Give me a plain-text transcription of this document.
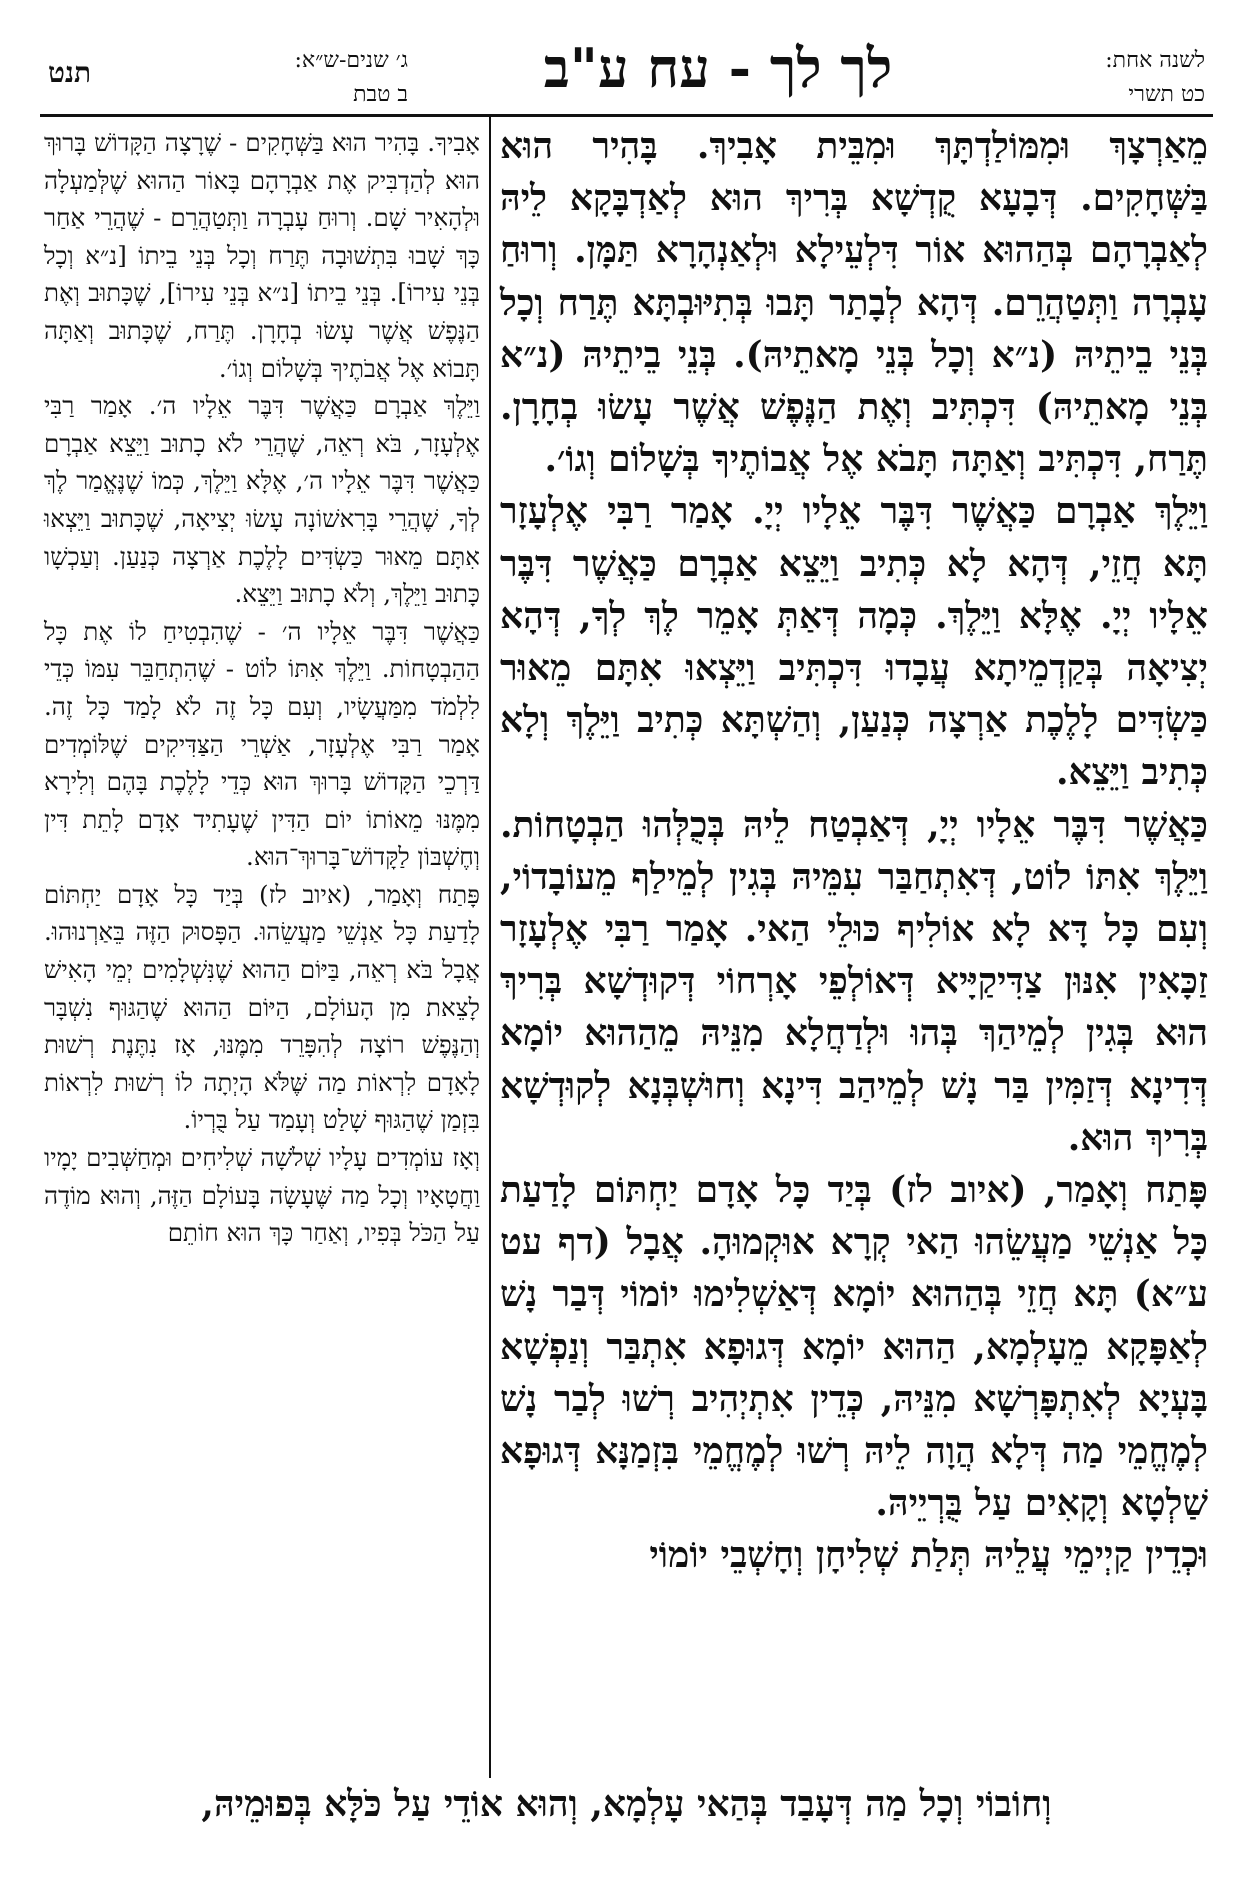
תנט	ג׳ שנים-ש״א:
ב טבת	לך לך - עח ע"ב	לשנה אחת:
כט תשרי

מֵאַרְצָךְ וּמִמּוֹלַדְתָּךְ וּמִבֵּית אָבִיךְ. בָּהִיר הוּא בַּשְּׁחָקִים. דְּבָעָא קֻדְשָׁא בְּרִיךְ הוּא לְאַדְבָּקָא לֵיהּ לְאַבְרָהָם בְּהַהוּא אוֹר דִּלְעֵילָא וּלְאַנְהָרָא תַּמָּן. וְרוּחַ עָבְרָה וַתְּטַהֲרֵם. דְּהָא לְבָתַר תָּבוּ בְּתִיּוּבְתָּא תֶּרַח וְכָל בְּנֵי בֵיתֵיהּ (נ״א וְכָל בְּנֵי מָאתֵיהּ). בְּנֵי בֵיתֵיהּ (נ״א בְּנֵי מָאתֵיהּ) דִּכְתִּיב וְאֶת הַנֶּפֶשׁ אֲשֶׁר עָשׂוּ בְחָרָן. תֶּרַח, דִּכְתִּיב וְאַתָּה תָּבֹא אֶל אֲבוֹתֶיךָ בְּשָׁלוֹם וְגוֹ׳.

וַיֵּלֶךְ אַבְרָם כַּאֲשֶׁר דִּבֶּר אֵלָיו יְיָ. אָמַר רַבִּי אֶלְעָזָר תָּא חֲזֵי, דְּהָא לָא כְּתִיב וַיֵּצֵא אַבְרָם כַּאֲשֶׁר דִּבֶּר אֵלָיו יְיָ. אֶלָּא וַיֵּלֶךְ. כְּמָה דְּאַתְּ אָמֵר לֶךְ לְךָ, דְּהָא יְצִיאָה בְּקַדְמֵיתָא עֲבָדוּ דִּכְתִּיב וַיֵּצְאוּ אִתָּם מֵאוּר כַּשְׂדִּים לָלֶכֶת אַרְצָה כְּנַעַן, וְהַשְׁתָּא כְּתִיב וַיֵּלֶךְ וְלָא כְּתִיב וַיֵּצֵא.

כַּאֲשֶׁר דִּבֶּר אֵלָיו יְיָ, דְּאַבְטַח לֵיהּ בְּכֻלְּהוּ הַבְטָחוֹת. וַיֵּלֶךְ אִתּוֹ לוֹט, דְּאִתְחַבַּר עִמֵּיהּ בְּגִין לְמֵילַף מֵעוֹבָדוֹי, וְעִם כָּל דָּא לָא אוֹלִיף כּוּלֵי הַאי. אָמַר רַבִּי אֶלְעָזָר זַכָּאִין אִנּוּן צַדִּיקַיָּיא דְּאוֹלְפֵי אָרְחוֹי דְּקוּדְשָׁא בְּרִיךְ הוּא בְּגִין לְמֵיהַךְ בְּהוּ וּלְדַחֲלָא מִנֵּיהּ מֵהַהוּא יוֹמָא דְּדִינָא דְּזַמִּין בַּר נָשׁ לְמֵיהַב דִּינָא וְחוּשְׁבְּנָא לְקוּדְשָׁא בְּרִיךְ הוּא.

פָּתַח וְאָמַר, (איוב לז) בְּיַד כָּל אָדָם יַחְתּוֹם לָדַעַת כָּל אַנְשֵׁי מַעֲשֵׂהוּ הַאי קְרָא אוּקְמוּהָ. אֲבָל (דף עט ע״א) תָּא חֲזֵי בְּהַהוּא יוֹמָא דְּאַשְׁלִימוּ יוֹמוֹי דְּבַר נָשׁ לְאַפָּקָא מֵעָלְמָא, הַהוּא יוֹמָא דְּגוּפָא אִתְבַּר וְנַפְשָׁא בָּעְיָא לְאִתְפָּרְשָׁא מִנֵּיהּ, כְּדֵין אִתְיְהִיב רְשׁוּ לְבַר נָשׁ לְמֶחֱמֵי מַה דְּלָא הֲוָה לֵיהּ רְשׁוּ לְמֶחֱמֵי בִּזְמַנָּא דְּגוּפָא שַׁלְטָא וְקָאִים עַל בֻּרְיֵיהּ.

וּכְדֵין קַיְימֵי עֲלֵיהּ תְּלַת שְׁלִיחָן וְחָשְׁבֵי יוֹמוֹי

אָבִיךָ. בָּהִיר הוּא בַּשְּׁחָקִים - שֶׁרָצָה הַקָּדוֹשׁ בָּרוּךְ הוּא לְהַדְבִּיק אֶת אַבְרָהָם בָּאוֹר הַהוּא שֶׁלְּמַעְלָה וּלְהָאִיר שָׁם. וְרוּחַ עָבְרָה וַתְּטַהֲרֵם - שֶׁהֲרֵי אַחַר כָּךְ שָׁבוּ בִּתְשׁוּבָה תֶּרַח וְכָל בְּנֵי בֵיתוֹ [נ״א וְכָל בְּנֵי עִירוֹ]. בְּנֵי בֵיתוֹ [נ״א בְּנֵי עִירוֹ], שֶׁכָּתוּב וְאֶת הַנֶּפֶשׁ אֲשֶׁר עָשׂוּ בְחָרָן. תֶּרַח, שֶׁכָּתוּב וְאַתָּה תָּבוֹא אֶל אֲבֹתֶיךָ בְּשָׁלוֹם וְגוֹ׳.

וַיֵּלֶךְ אַבְרָם כַּאֲשֶׁר דִּבֶּר אֵלָיו ה׳. אָמַר רַבִּי אֶלְעָזָר, בֹּא רְאֵה, שֶׁהֲרֵי לֹא כָתוּב וַיֵּצֵא אַבְרָם כַּאֲשֶׁר דִּבֶּר אֵלָיו ה׳, אֶלָּא וַיֵּלֶךְ, כְּמוֹ שֶׁנֶּאֱמַר לֶךְ לְךָ, שֶׁהֲרֵי בָּרִאשׁוֹנָה עָשׂוּ יְצִיאָה, שֶׁכָּתוּב וַיֵּצְאוּ אִתָּם מֵאוּר כַּשְׂדִּים לָלֶכֶת אַרְצָה כְּנַעַן. וְעַכְשָׁו כָּתוּב וַיֵּלֶךְ, וְלֹא כָתוּב וַיֵּצֵא.

כַּאֲשֶׁר דִּבֶּר אֵלָיו ה׳ - שֶׁהִבְטִיחַ לוֹ אֶת כָּל הַהַבְטָחוֹת. וַיֵּלֶךְ אִתּוֹ לוֹט - שֶׁהִתְחַבֵּר עִמּוֹ כְּדֵי לִלְמֹד מִמַּעֲשָׂיו, וְעִם כָּל זֶה לֹא לָמַד כָּל זֶה. אָמַר רַבִּי אֶלְעָזָר, אַשְׁרֵי הַצַּדִּיקִים שֶׁלּוֹמְדִים דַּרְכֵי הַקָּדוֹשׁ בָּרוּךְ הוּא כְּדֵי לָלֶכֶת בָּהֶם וְלִירָא מִמֶּנּוּ מֵאוֹתוֹ יוֹם הַדִּין שֶׁעָתִיד אָדָם לָתֵת דִּין וְחֶשְׁבּוֹן לַקָּדוֹשׁ־בָּרוּךְ־הוּא.

פָּתַח וְאָמַר, (איוב לז) בְּיַד כָּל אָדָם יַחְתּוֹם לָדַעַת כָּל אַנְשֵׁי מַעֲשֵׂהוּ. הַפָּסוּק הַזֶּה בֵּאַרְנוּהוּ. אֲבָל בֹּא רְאֵה, בַּיּוֹם הַהוּא שֶׁנִּשְׁלָמִים יְמֵי הָאִישׁ לָצֵאת מִן הָעוֹלָם, הַיּוֹם הַהוּא שֶׁהַגּוּף נִשְׁבָּר וְהַנֶּפֶשׁ רוֹצָה לְהִפָּרֵד מִמֶּנּוּ, אָז נִתֶּנֶת רְשׁוּת לָאָדָם לִרְאוֹת מַה שֶּׁלֹּא הָיְתָה לוֹ רְשׁוּת לִרְאוֹת בִּזְמַן שֶׁהַגּוּף שָׁלַט וְעָמַד עַל בֻּרְיוֹ.

וְאָז עוֹמְדִים עָלָיו שְׁלֹשָׁה שְׁלִיחִים וּמְחַשְּׁבִים יָמָיו וַחֲטָאָיו וְכָל מַה שֶּׁעָשָׂה בָּעוֹלָם הַזֶּה, וְהוּא מוֹדֶה עַל הַכֹּל בְּפִיו, וְאַחַר כָּךְ הוּא חוֹתֵם

וְחוֹבוֹי וְכָל מַה דְּעָבַד בְּהַאי עָלְמָא, וְהוּא אוֹדֵי עַל כֹּלָּא בְּפוּמֵיהּ,
